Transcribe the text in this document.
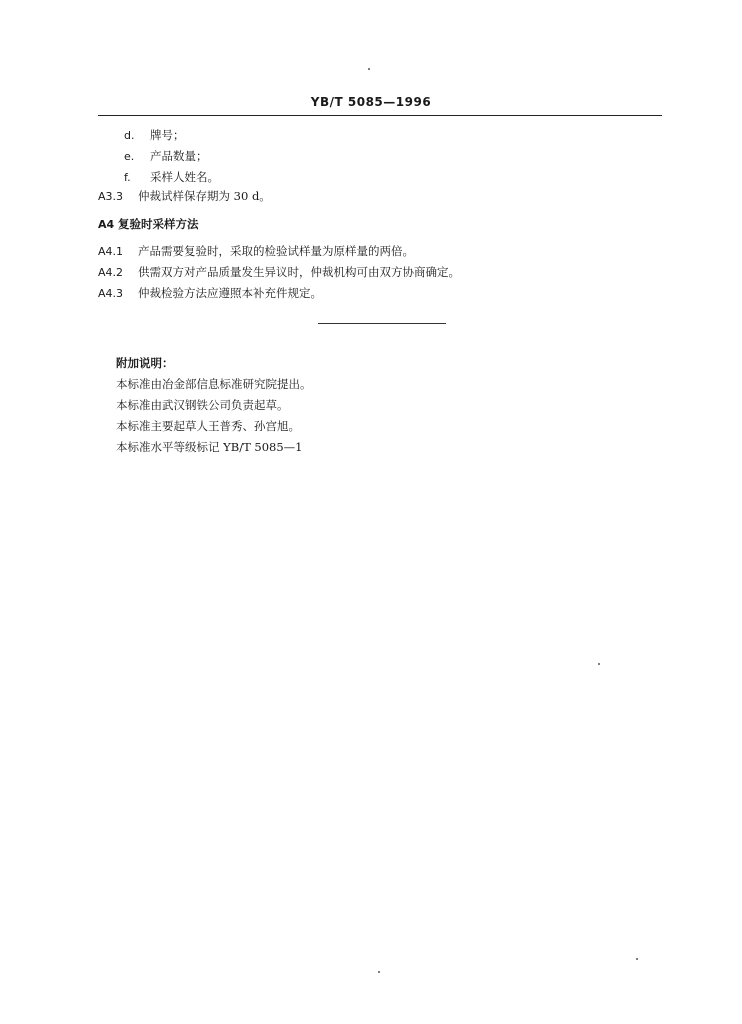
YB/T 5085—1996
d. 牌号；
e. 产品数量；
f. 采样人姓名。
A3.3 仲裁试样保存期为 30 d。
A4 复验时采样方法
A4.1 产品需要复验时，采取的检验试样量为原样量的两倍。
A4.2 供需双方对产品质量发生异议时，仲裁机构可由双方协商确定。
A4.3 仲裁检验方法应遵照本补充件规定。
附加说明：
本标准由冶金部信息标准研究院提出。
本标准由武汉钢铁公司负责起草。
本标准主要起草人王普秀、孙宫旭。
本标准水平等级标记 YB/T 5085—1
